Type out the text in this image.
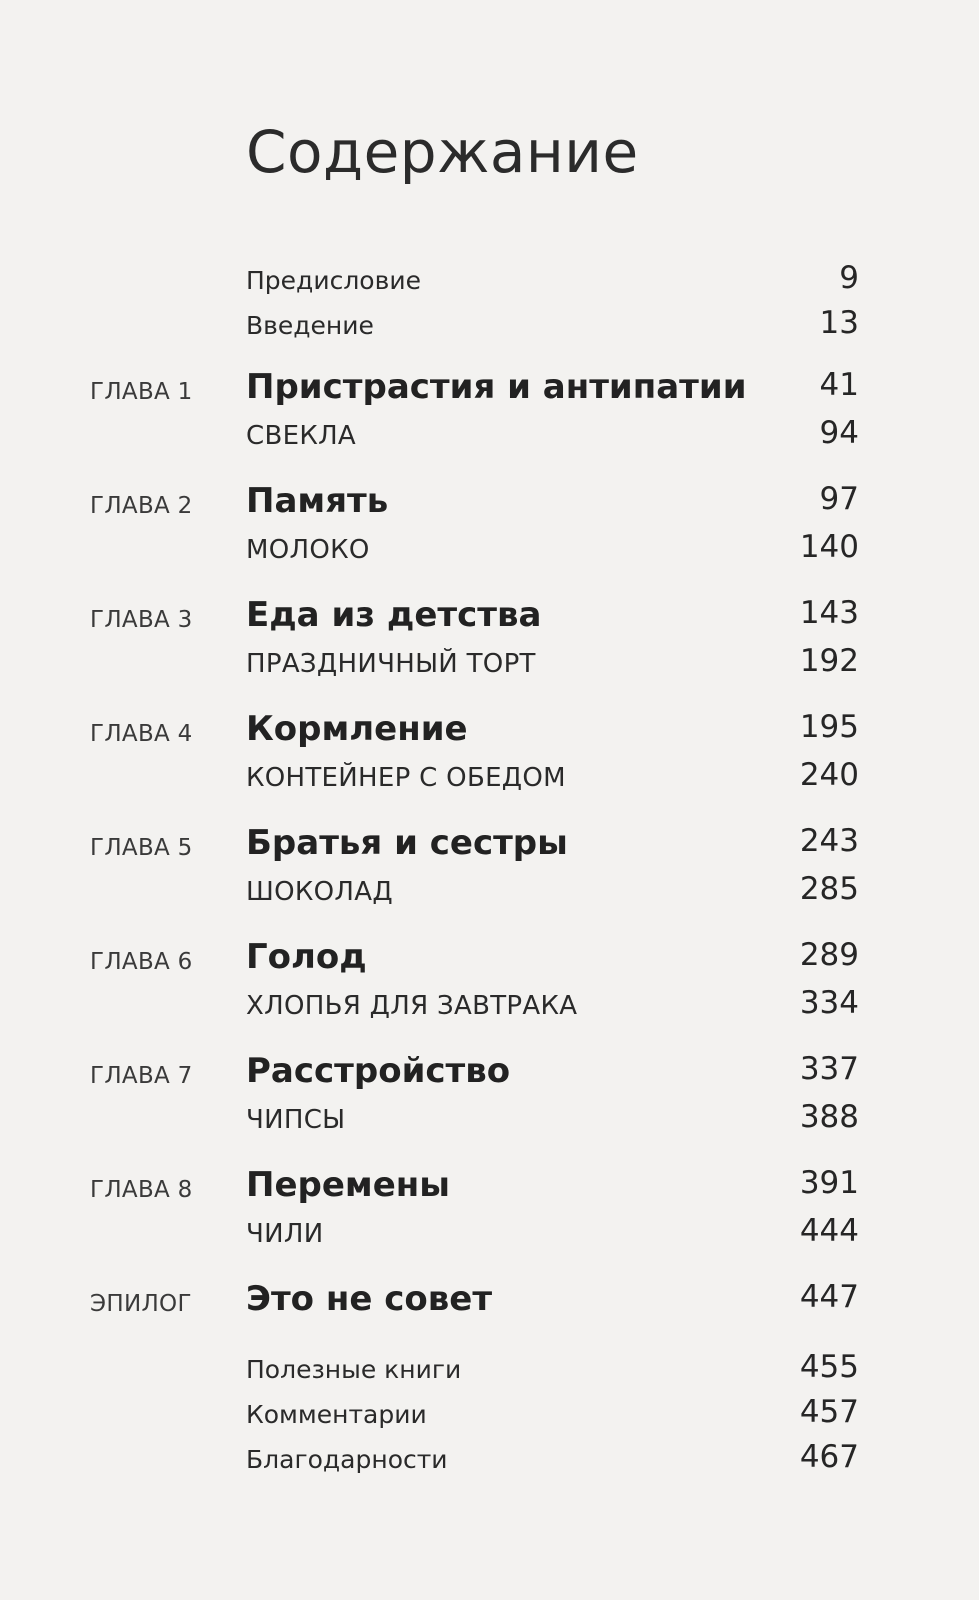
Содержание
Предисловие	9
Введение	13
ГЛАВА 1 Пристрастия и антипатии 41
СВЕКЛА	94
ГЛАВА 2 Память	97
МОЛОКО	140
ГЛАВА 3 Еда из детства	143
ПРАЗДНИЧНЫЙ ТОРТ	192
ГЛАВА 4 Кормление	195
КОНТЕЙНЕР С ОБЕДОМ	240
ГЛАВА 5 Братья и сестры	243
ШОКОЛАД	285
ГЛАВА 6 Голод	289
ХЛОПЬЯ ДЛЯ ЗАВТРАКА	334
ГЛАВА 7 Расстройство	337
ЧИПСЫ	388
ГЛАВА 8 Перемены	391
ЧИЛИ	444
ЭПИЛОГ Это не совет	447
Полезные книги	455
Комментарии	457
Благодарности	467
